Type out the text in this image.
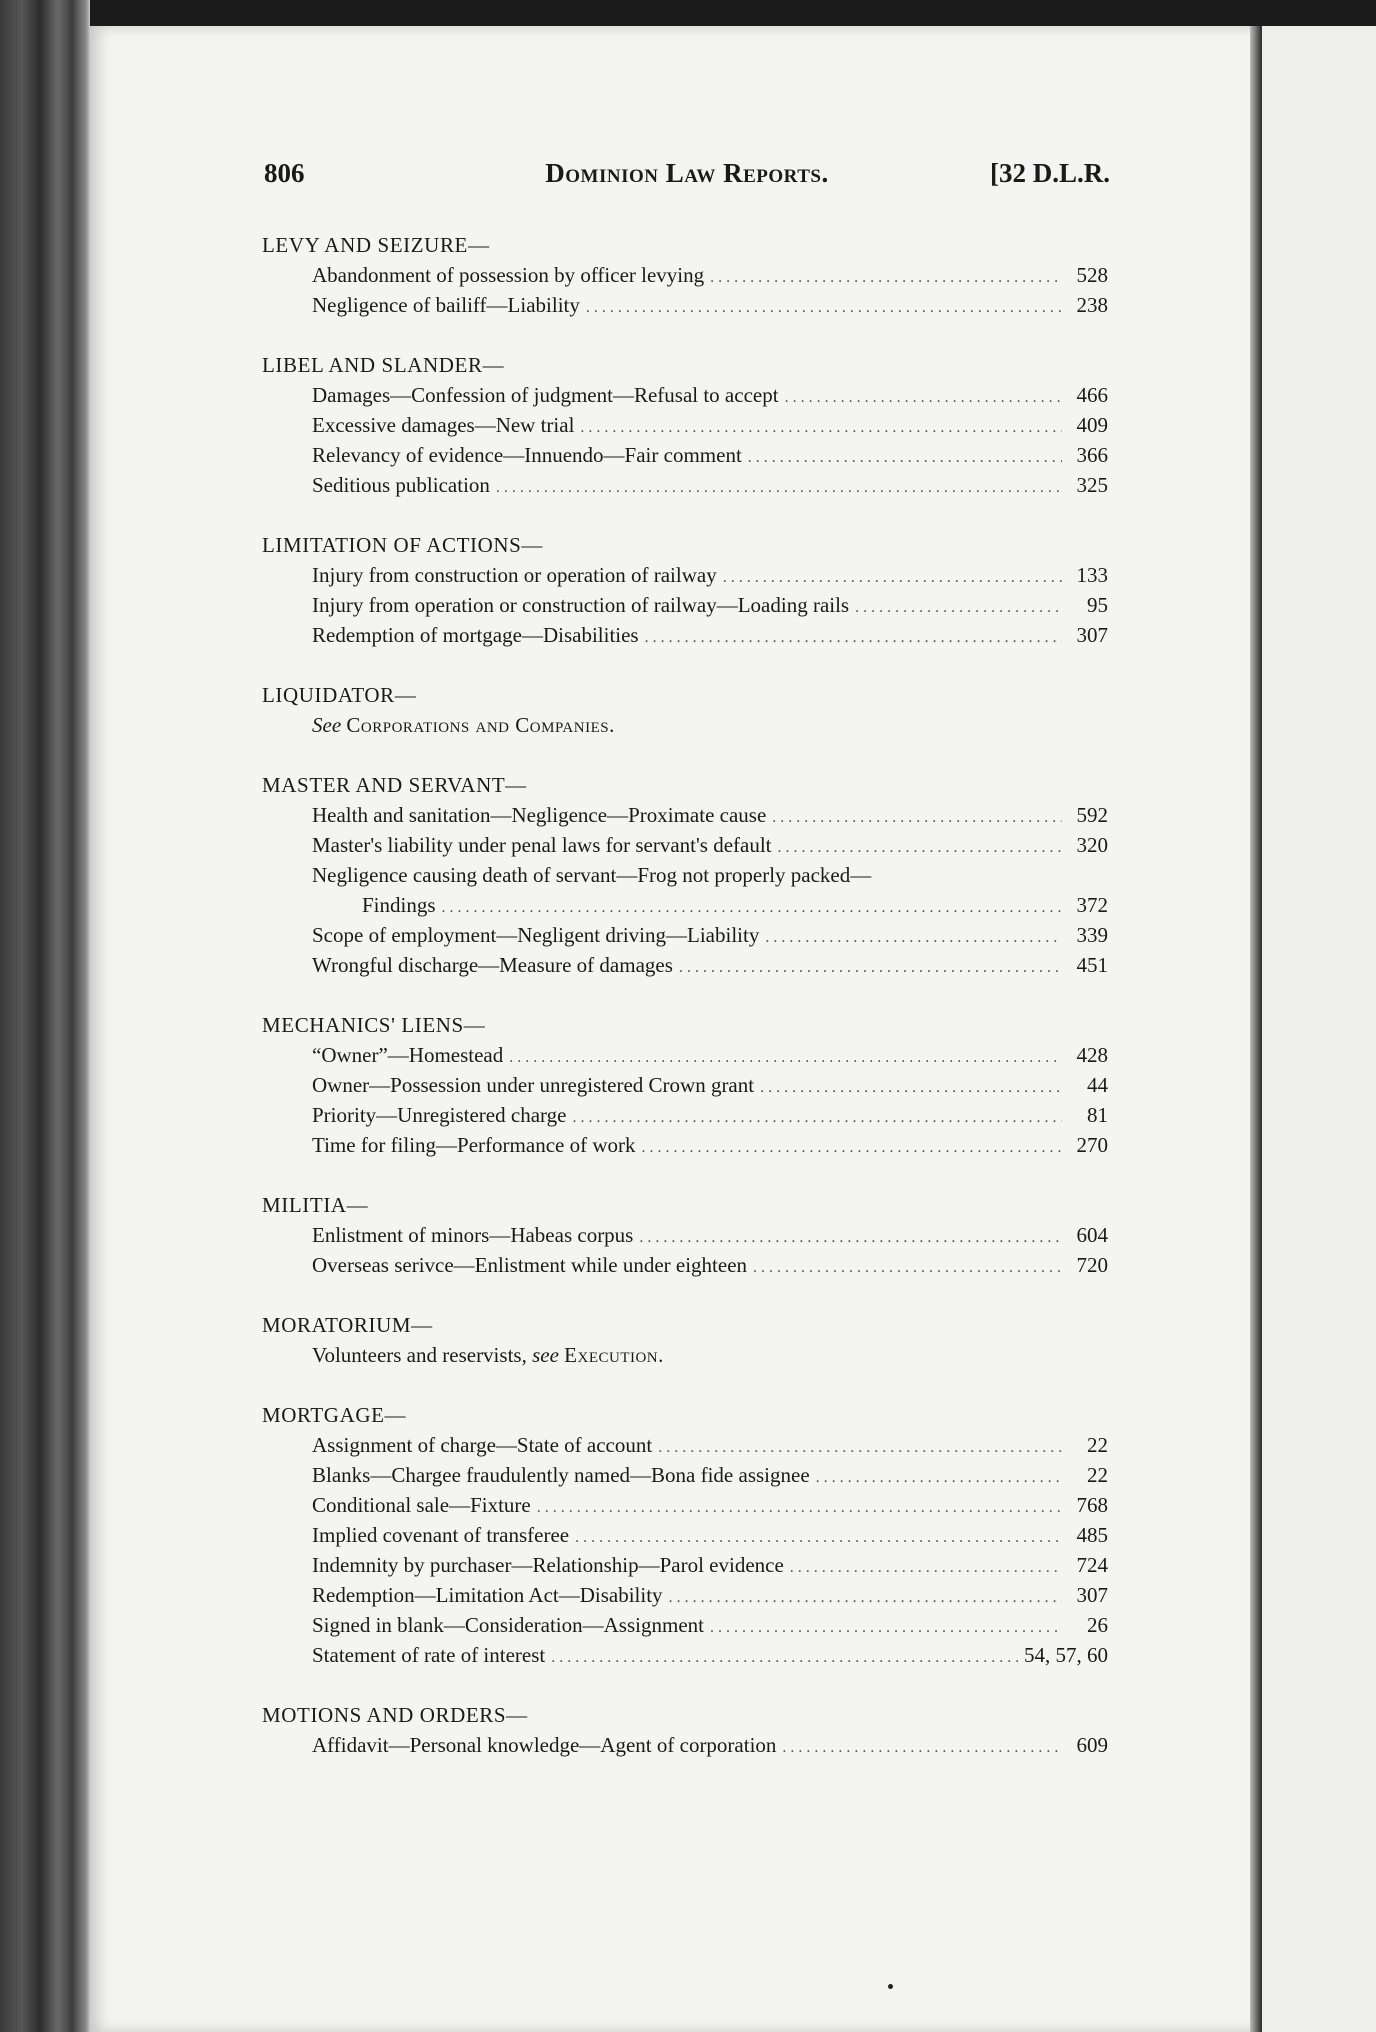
806	Dominion Law Reports.	[32 D.L.R.
LEVY AND SEIZURE—
Abandonment of possession by officer levying .....	528
Negligence of bailiff—Liability .....	238
LIBEL AND SLANDER—
Damages—Confession of judgment—Refusal to accept .....	466
Excessive damages—New trial .....	409
Relevancy of evidence—Innuendo—Fair comment .....	366
Seditious publication .....	325
LIMITATION OF ACTIONS—
Injury from construction or operation of railway .....	133
Injury from operation or construction of railway—Loading rails .....	95
Redemption of mortgage—Disabilities .....	307
LIQUIDATOR—
See Corporations and Companies.
MASTER AND SERVANT—
Health and sanitation—Negligence—Proximate cause .....	592
Master's liability under penal laws for servant's default .....	320
Negligence causing death of servant—Frog not properly packed—
Findings .....	372
Scope of employment—Negligent driving—Liability .....	339
Wrongful discharge—Measure of damages .....	451
MECHANICS' LIENS—
“Owner”—Homestead .....	428
Owner—Possession under unregistered Crown grant .....	44
Priority—Unregistered charge .....	81
Time for filing—Performance of work .....	270
MILITIA—
Enlistment of minors—Habeas corpus .....	604
Overseas serivce—Enlistment while under eighteen .....	720
MORATORIUM—
Volunteers and reservists, see Execution.
MORTGAGE—
Assignment of charge—State of account .....	22
Blanks—Chargee fraudulently named—Bona fide assignee .....	22
Conditional sale—Fixture .....	768
Implied covenant of transferee .....	485
Indemnity by purchaser—Relationship—Parol evidence .....	724
Redemption—Limitation Act—Disability .....	307
Signed in blank—Consideration—Assignment .....	26
Statement of rate of interest .....	54, 57, 60
MOTIONS AND ORDERS—
Affidavit—Personal knowledge—Agent of corporation .....	609
